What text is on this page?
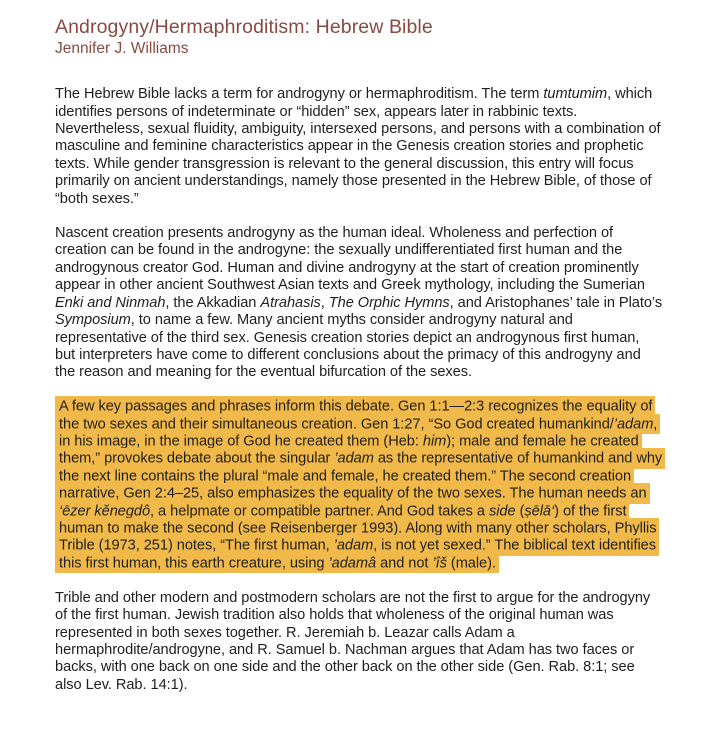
Androgyny/Hermaphroditism: Hebrew Bible
Jennifer J. Williams

The Hebrew Bible lacks a term for androgyny or hermaphroditism. The term tumtumim, which identifies persons of indeterminate or “hidden” sex, appears later in rabbinic texts. Nevertheless, sexual fluidity, ambiguity, intersexed persons, and persons with a combination of masculine and feminine characteristics appear in the Genesis creation stories and prophetic texts. While gender transgression is relevant to the general discussion, this entry will focus primarily on ancient understandings, namely those presented in the Hebrew Bible, of those of “both sexes.”

Nascent creation presents androgyny as the human ideal. Wholeness and perfection of creation can be found in the androgyne: the sexually undifferentiated first human and the androgynous creator God. Human and divine androgyny at the start of creation prominently appear in other ancient Southwest Asian texts and Greek mythology, including the Sumerian Enki and Ninmah, the Akkadian Atrahasis, The Orphic Hymns, and Aristophanes’ tale in Plato’s Symposium, to name a few. Many ancient myths consider androgyny natural and representative of the third sex. Genesis creation stories depict an androgynous first human, but interpreters have come to different conclusions about the primacy of this androgyny and the reason and meaning for the eventual bifurcation of the sexes.

A few key passages and phrases inform this debate. Gen 1:1—2:3 recognizes the equality of the two sexes and their simultaneous creation. Gen 1:27, “So God created humankind/’adam, in his image, in the image of God he created them (Heb: him); male and female he created them,” provokes debate about the singular ’adam as the representative of humankind and why the next line contains the plural “male and female, he created them.” The second creation narrative, Gen 2:4–25, also emphasizes the equality of the two sexes. The human needs an ‘ēzer kĕnegdô, a helpmate or compatible partner. And God takes a side (ṣēlā‘) of the first human to make the second (see Reisenberger 1993). Along with many other scholars, Phyllis Trible (1973, 251) notes, “The first human, ’adam, is not yet sexed.” The biblical text identifies this first human, this earth creature, using ’adamâ and not ’îš (male).

Trible and other modern and postmodern scholars are not the first to argue for the androgyny of the first human. Jewish tradition also holds that wholeness of the original human was represented in both sexes together. R. Jeremiah b. Leazar calls Adam a hermaphrodite/androgyne, and R. Samuel b. Nachman argues that Adam has two faces or backs, with one back on one side and the other back on the other side (Gen. Rab. 8:1; see also Lev. Rab. 14:1).
